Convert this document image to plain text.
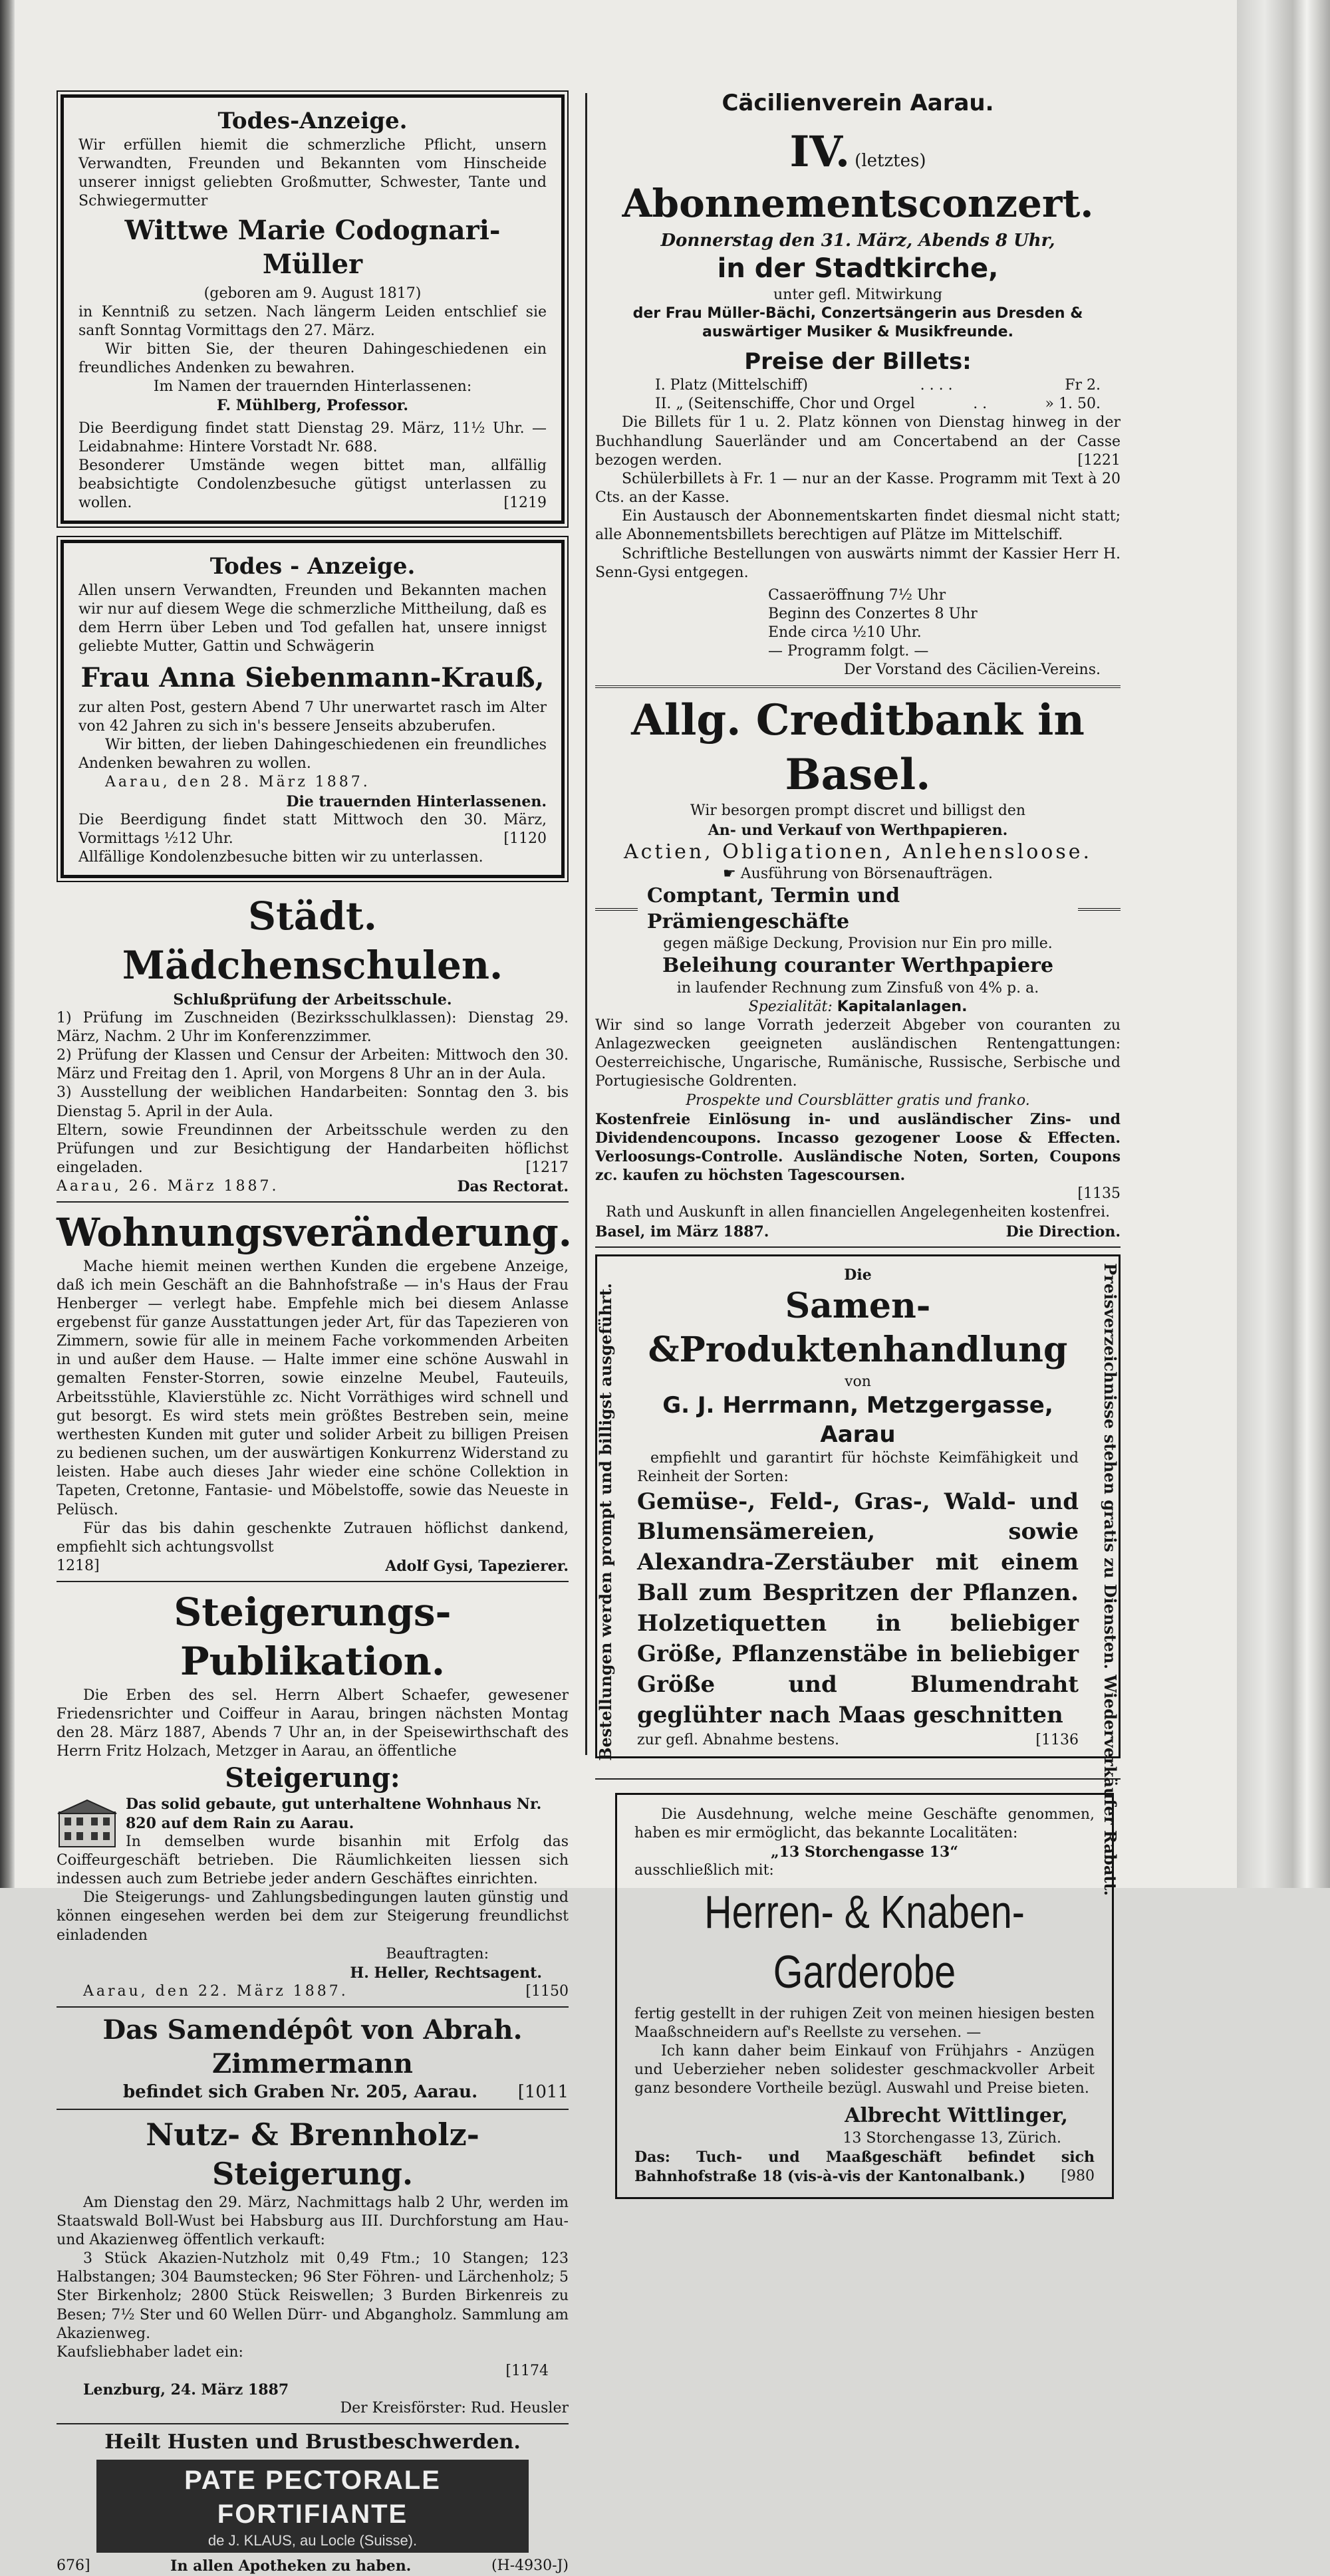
Todes-Anzeige.

Wir erfüllen hiemit die schmerzliche Pflicht, unsern Verwandten, Freunden und Bekannten vom Hinscheide unserer innigst geliebten Großmutter, Schwester, Tante und Schwiegermutter

Wittwe Marie Codognari-Müller
(geboren am 9. August 1817)

in Kenntniß zu setzen. Nach längerm Leiden entschlief sie sanft Sonntag Vormittags den 27. März.

Wir bitten Sie, der theuren Dahingeschiedenen ein freundliches Andenken zu bewahren.

Im Namen der trauernden Hinterlassenen:
F. Mühlberg, Professor.

Die Beerdigung findet statt Dienstag 29. März, 11½ Uhr. — Leidabnahme: Hintere Vorstadt Nr. 688.

Besonderer Umstände wegen bittet man, allfällig beabsichtigte Condolenzbesuche gütigst unterlassen zu wollen.	[1219

Todes - Anzeige.

Allen unsern Verwandten, Freunden und Bekannten machen wir nur auf diesem Wege die schmerzliche Mittheilung, daß es dem Herrn über Leben und Tod gefallen hat, unsere innigst geliebte Mutter, Gattin und Schwägerin

Frau Anna Siebenmann-Krauß,

zur alten Post, gestern Abend 7 Uhr unerwartet rasch im Alter von 42 Jahren zu sich in's bessere Jenseits abzuberufen.

Wir bitten, der lieben Dahingeschiedenen ein freundliches Andenken bewahren zu wollen.

Aarau, den 28. März 1887.
Die trauernden Hinterlassenen.

Die Beerdigung findet statt Mittwoch den 30. März, Vormittags ½12 Uhr.	[1120

Allfällige Kondolenzbesuche bitten wir zu unterlassen.

Städt. Mädchenschulen.
Schlußprüfung der Arbeitsschule.

1) Prüfung im Zuschneiden (Bezirksschulklassen): Dienstag 29. März, Nachm. 2 Uhr im Konferenzzimmer.

2) Prüfung der Klassen und Censur der Arbeiten: Mittwoch den 30. März und Freitag den 1. April, von Morgens 8 Uhr an in der Aula.

3) Ausstellung der weiblichen Handarbeiten: Sonntag den 3. bis Dienstag 5. April in der Aula.

Eltern, sowie Freundinnen der Arbeitsschule werden zu den Prüfungen und zur Besichtigung der Handarbeiten höflichst eingeladen.	[1217

Aarau, 26. März 1887.	Das Rectorat.
Wohnungsveränderung.

Mache hiemit meinen werthen Kunden die ergebene Anzeige, daß ich mein Geschäft an die Bahnhofstraße — in's Haus der Frau Henberger — verlegt habe. Empfehle mich bei diesem Anlasse ergebenst für ganze Ausstattungen jeder Art, für das Tapezieren von Zimmern, sowie für alle in meinem Fache vorkommenden Arbeiten in und außer dem Hause. — Halte immer eine schöne Auswahl in gemalten Fenster-Storren, sowie einzelne Meubel, Fauteuils, Arbeitsstühle, Klavierstühle zc. Nicht Vorräthiges wird schnell und gut besorgt. Es wird stets mein größtes Bestreben sein, meine werthesten Kunden mit guter und solider Arbeit zu billigen Preisen zu bedienen suchen, um der auswärtigen Konkurrenz Widerstand zu leisten. Habe auch dieses Jahr wieder eine schöne Collektion in Tapeten, Cretonne, Fantasie- und Möbelstoffe, sowie das Neueste in Pelüsch.

Für das bis dahin geschenkte Zutrauen höflichst dankend, empfiehlt sich achtungsvollst

1218]	Adolf Gysi, Tapezierer.
Steigerungs-Publikation.

Die Erben des sel. Herrn Albert Schaefer, gewesener Friedensrichter und Coiffeur in Aarau, bringen nächsten Montag den 28. März 1887, Abends 7 Uhr an, in der Speisewirthschaft des Herrn Fritz Holzach, Metzger in Aarau, an öffentliche

Steigerung:

Das solid gebaute, gut unterhaltene Wohnhaus Nr. 820 auf dem Rain zu Aarau.

In demselben wurde bisanhin mit Erfolg das Coiffeurgeschäft betrieben. Die Räumlichkeiten liessen sich indessen auch zum Betriebe jeder andern Geschäftes einrichten.

Die Steigerungs- und Zahlungsbedingungen lauten günstig und können eingesehen werden bei dem zur Steigerung freundlichst einladenden

Beauftragten:
H. Heller, Rechtsagent.
Aarau, den 22. März 1887.	[1150
Das Samendépôt von Abrah. Zimmermann
befindet sich Graben Nr. 205, Aarau. [1011
Nutz- & Brennholz-Steigerung.

Am Dienstag den 29. März, Nachmittags halb 2 Uhr, werden im Staatswald Boll-Wust bei Habsburg aus III. Durchforstung am Hau- und Akazienweg öffentlich verkauft:

3 Stück Akazien-Nutzholz mit 0,49 Ftm.; 10 Stangen; 123 Halbstangen; 304 Baumstecken; 96 Ster Föhren- und Lärchenholz; 5 Ster Birkenholz; 2800 Stück Reiswellen; 3 Burden Birkenreis zu Besen; 7½ Ster und 60 Wellen Dürr- und Abgangholz. Sammlung am Akazienweg.

Kaufsliebhaber ladet ein:

[1174
Lenzburg, 24. März 1887
Der Kreisförster: Rud. Heusler
Heilt Husten und Brustbeschwerden.
PATE PECTORALE FORTIFIANTE
de J. KLAUS, au Locle (Suisse).
676]	In allen Apotheken zu haben.	(H-4930-J)
Cäcilienverein Aarau.
IV. (letztes) Abonnementsconzert.
Donnerstag den 31. März, Abends 8 Uhr,
in der Stadtkirche,
unter gefl. Mitwirkung
der Frau Müller-Bächi, Conzertsängerin aus Dresden & auswärtiger Musiker & Musikfreunde.
Preise der Billets:
I. Platz (Mittelschiff)	. . . .	Fr 2.
II. „ (Seitenschiffe, Chor und Orgel	. .	» 1. 50.

Die Billets für 1 u. 2. Platz können von Dienstag hinweg in der Buchhandlung Sauerländer und am Concertabend an der Casse bezogen werden.	[1221

Schülerbillets à Fr. 1 — nur an der Kasse. Programm mit Text à 20 Cts. an der Kasse.

Ein Austausch der Abonnementskarten findet diesmal nicht statt; alle Abonnementsbillets berechtigen auf Plätze im Mittelschiff.

Schriftliche Bestellungen von auswärts nimmt der Kassier Herr H. Senn-Gysi entgegen.

Cassaeröffnung 7½ Uhr
Beginn des Conzertes 8 Uhr
Ende circa ½10 Uhr.
— Programm folgt. —
Der Vorstand des Cäcilien-Vereins.
Allg. Creditbank in Basel.
Wir besorgen prompt discret und billigst den
An- und Verkauf von Werthpapieren.
Actien, Obligationen, Anlehensloose.
☛ Ausführung von Börsenaufträgen.
Comptant, Termin und Prämiengeschäfte
gegen mäßige Deckung, Provision nur Ein pro mille.
Beleihung couranter Werthpapiere
in laufender Rechnung zum Zinsfuß von 4% p. a.
Spezialität: Kapitalanlagen.

Wir sind so lange Vorrath jederzeit Abgeber von couranten zu Anlagezwecken geeigneten ausländischen Rentengattungen: Oesterreichische, Ungarische, Rumänische, Russische, Serbische und Portugiesische Goldrenten.

Prospekte und Coursblätter gratis und franko.

Kostenfreie Einlösung in- und ausländischer Zins- und Dividendencoupons. Incasso gezogener Loose & Effecten. Verloosungs-Controlle. Ausländische Noten, Sorten, Coupons zc. kaufen zu höchsten Tagescoursen.

[1135
Rath und Auskunft in allen financiellen Angelegenheiten kostenfrei.
Basel, im März 1887.	Die Direction.
Bestellungen werden prompt und billigst ausgeführt.	Preisverzeichnisse stehen gratis zu Diensten. Wiederverkäufer Rabatt.
Die
Samen-&Produktenhandlung
von
G. J. Herrmann, Metzgergasse, Aarau

empfiehlt und garantirt für höchste Keimfähigkeit und Reinheit der Sorten:

Gemüse-, Feld-, Gras-, Wald- und Blumensämereien, sowie Alexandra-Zerstäuber mit einem Ball zum Bespritzen der Pflanzen. Holzetiquetten in beliebiger Größe, Pflanzenstäbe in beliebiger Größe und Blumendraht geglühter nach Maas geschnitten

zur gefl. Abnahme bestens.	[1136

Die Ausdehnung, welche meine Geschäfte genommen, haben es mir ermöglicht, das bekannte Localitäten:

„13 Storchengasse 13“
ausschließlich mit:
Herren- & Knaben-Garderobe

fertig gestellt in der ruhigen Zeit von meinen hiesigen besten Maaßschneidern auf's Reellste zu versehen. —

Ich kann daher beim Einkauf von Frühjahrs - Anzügen und Ueberzieher neben solidester geschmackvoller Arbeit ganz besondere Vortheile bezügl. Auswahl und Preise bieten.

Albrecht Wittlinger,
13 Storchengasse 13, Zürich.

Das: Tuch- und Maaßgeschäft befindet sich Bahnhofstraße 18 (vis-à-vis der Kantonalbank.) [980
